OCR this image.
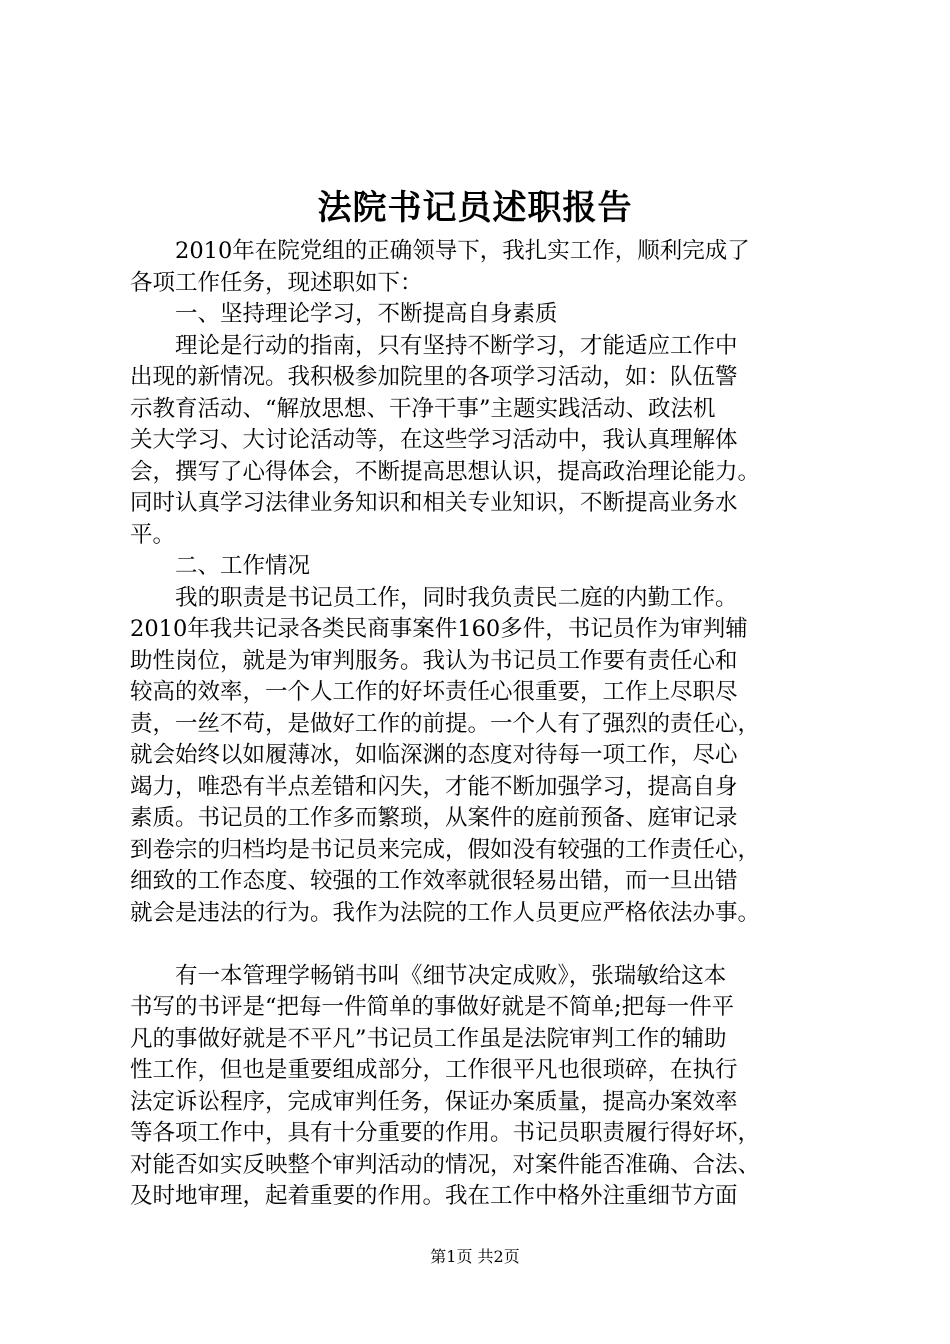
法院书记员述职报告
　　2010年在院党组的正确领导下，我扎实工作，顺利完成了
各项工作任务，现述职如下：
　　一、坚持理论学习，不断提高自身素质
　　理论是行动的指南，只有坚持不断学习，才能适应工作中
出现的新情况。我积极参加院里的各项学习活动，如：队伍警
示教育活动、“解放思想、干净干事”主题实践活动、政法机
关大学习、大讨论活动等，在这些学习活动中，我认真理解体
会，撰写了心得体会，不断提高思想认识，提高政治理论能力。
同时认真学习法律业务知识和相关专业知识，不断提高业务水
平。
　　二、工作情况
　　我的职责是书记员工作，同时我负责民二庭的内勤工作。
2010年我共记录各类民商事案件160多件，书记员作为审判辅
助性岗位，就是为审判服务。我认为书记员工作要有责任心和
较高的效率，一个人工作的好坏责任心很重要，工作上尽职尽
责，一丝不苟，是做好工作的前提。一个人有了强烈的责任心，
就会始终以如履薄冰，如临深渊的态度对待每一项工作，尽心
竭力，唯恐有半点差错和闪失，才能不断加强学习，提高自身
素质。书记员的工作多而繁琐，从案件的庭前预备、庭审记录
到卷宗的归档均是书记员来完成，假如没有较强的工作责任心，
细致的工作态度、较强的工作效率就很轻易出错，而一旦出错
就会是违法的行为。我作为法院的工作人员更应严格依法办事。
　　有一本管理学畅销书叫《细节决定成败》，张瑞敏给这本
书写的书评是“把每一件简单的事做好就是不简单;把每一件平
凡的事做好就是不平凡”书记员工作虽是法院审判工作的辅助
性工作，但也是重要组成部分，工作很平凡也很琐碎，在执行
法定诉讼程序，完成审判任务，保证办案质量，提高办案效率
等各项工作中，具有十分重要的作用。书记员职责履行得好坏，
对能否如实反映整个审判活动的情况，对案件能否准确、合法、
及时地审理，起着重要的作用。我在工作中格外注重细节方面
第1页 共2页
